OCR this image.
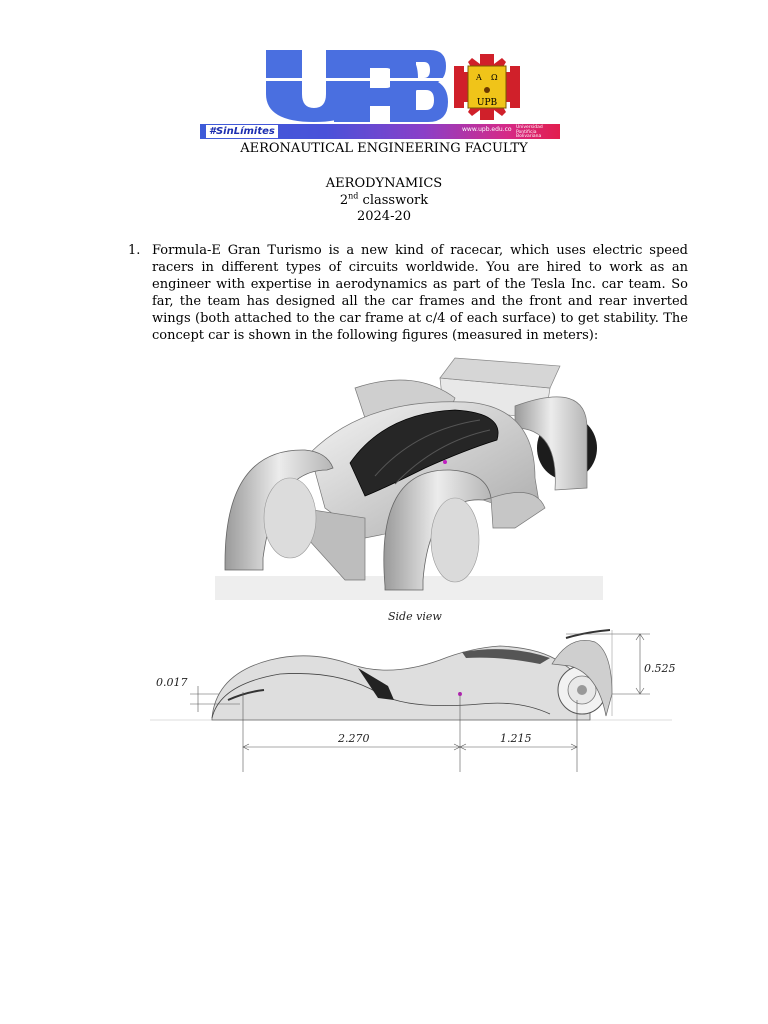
A Ω
UPB
#SinLímites	www.upb.edu.co Universidad Pontificia Bolivariana
AERONAUTICAL ENGINEERING FACULTY
AERODYNAMICS
2nd classwork
2024-20
1. Formula-E Gran Turismo is a new kind of racecar, which uses electric speed racers in different types of circuits worldwide. You are hired to work as an engineer with expertise in aerodynamics as part of the Tesla Inc. car team. So far, the team has designed all the car frames and the front and rear inverted wings (both attached to the car frame at c/4 of each surface) to get stability. The concept car is shown in the following figures (measured in meters):
Side view
0.017
0.525
2.270	1.215
